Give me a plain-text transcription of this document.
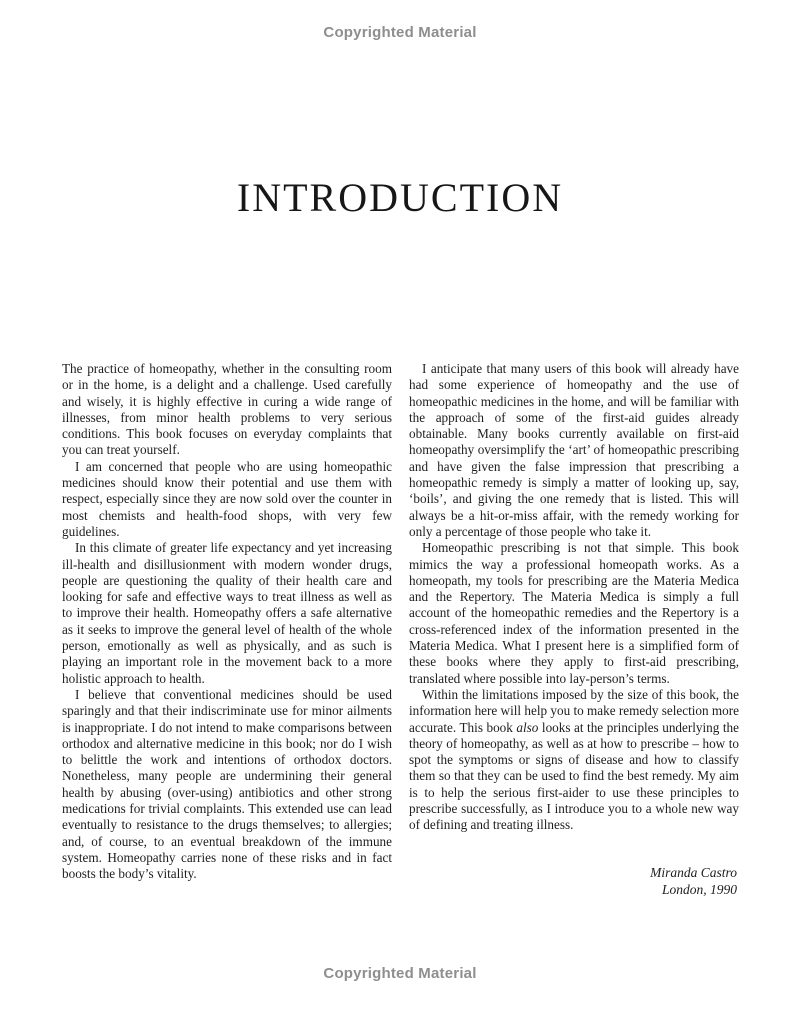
Copyrighted Material
INTRODUCTION

The practice of homeopathy, whether in the consulting room or in the home, is a delight and a challenge. Used carefully and wisely, it is highly effective in curing a wide range of illnesses, from minor health problems to very serious conditions. This book focuses on everyday complaints that you can treat yourself.

I am concerned that people who are using homeopathic medicines should know their potential and use them with respect, especially since they are now sold over the counter in most chemists and health-food shops, with very few guidelines.

In this climate of greater life expectancy and yet increasing ill-health and disillusionment with modern wonder drugs, people are questioning the quality of their health care and looking for safe and effective ways to treat illness as well as to improve their health. Homeopathy offers a safe alternative as it seeks to improve the general level of health of the whole person, emotionally as well as physically, and as such is playing an important role in the movement back to a more holistic approach to health.

I believe that conventional medicines should be used sparingly and that their indiscriminate use for minor ailments is inappropriate. I do not intend to make comparisons between orthodox and alternative medicine in this book; nor do I wish to belittle the work and intentions of orthodox doctors. Nonetheless, many people are undermining their general health by abusing (over-using) antibiotics and other strong medications for trivial complaints. This extended use can lead eventually to resistance to the drugs themselves; to allergies; and, of course, to an eventual breakdown of the immune system. Homeopathy carries none of these risks and in fact boosts the body’s vitality.

I anticipate that many users of this book will already have had some experience of homeopathy and the use of homeopathic medicines in the home, and will be familiar with the approach of some of the first-aid guides already obtainable. Many books currently available on first-aid homeopathy oversimplify the ‘art’ of homeopathic prescribing and have given the false impression that prescribing a homeopathic remedy is simply a matter of looking up, say, ‘boils’, and giving the one remedy that is listed. This will always be a hit-or-miss affair, with the remedy working for only a percentage of those people who take it.

Homeopathic prescribing is not that simple. This book mimics the way a professional homeopath works. As a homeopath, my tools for prescribing are the Materia Medica and the Repertory. The Materia Medica is simply a full account of the homeopathic remedies and the Repertory is a cross-referenced index of the information presented in the Materia Medica. What I present here is a simplified form of these books where they apply to first-aid prescribing, translated where possible into lay-person’s terms.

Within the limitations imposed by the size of this book, the information here will help you to make remedy selection more accurate. This book also looks at the principles underlying the theory of homeopathy, as well as at how to prescribe – how to spot the symptoms or signs of disease and how to classify them so that they can be used to find the best remedy. My aim is to help the serious first-aider to use these principles to prescribe successfully, as I introduce you to a whole new way of defining and treating illness.

Miranda Castro
London, 1990
Copyrighted Material
